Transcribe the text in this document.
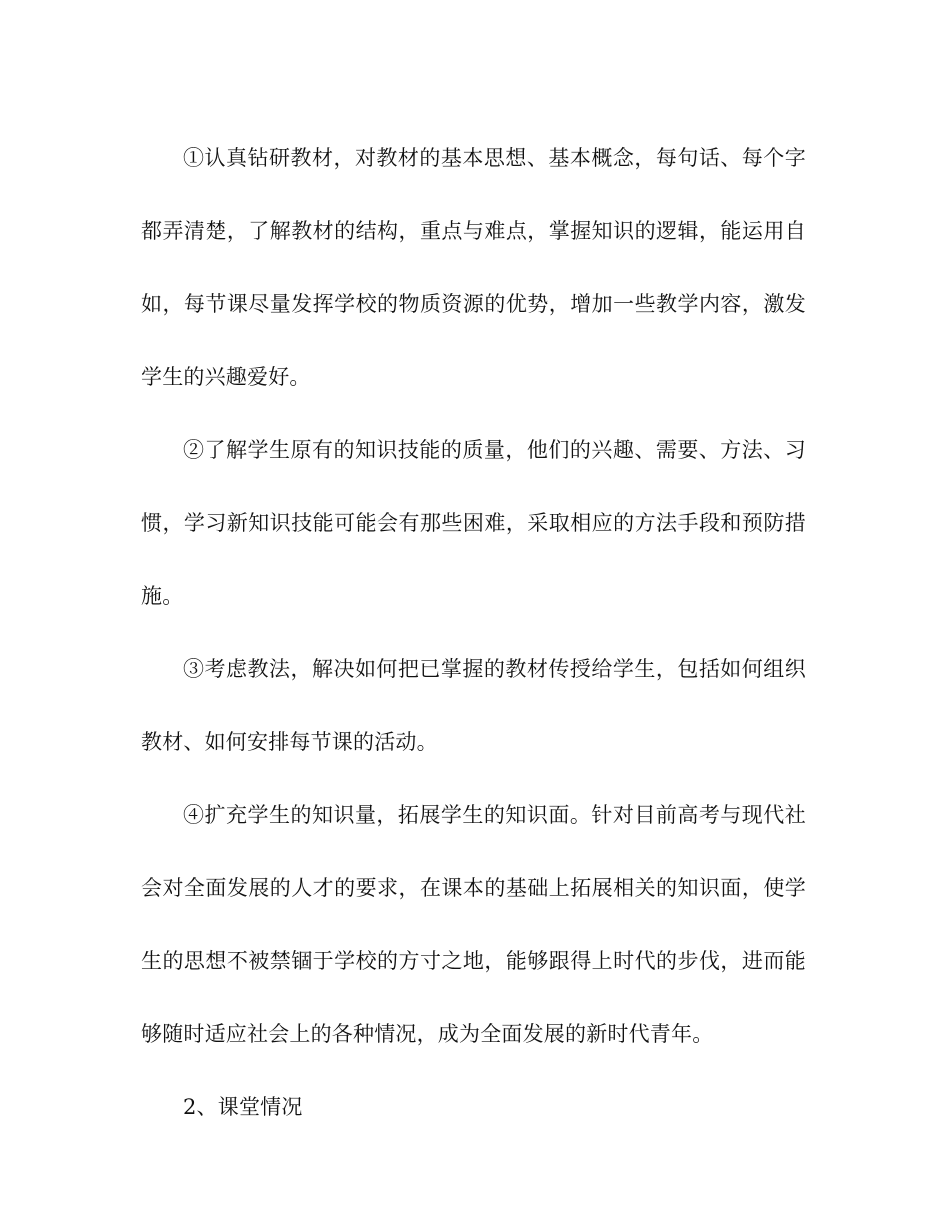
①认真钻研教材，对教材的基本思想、基本概念，每句话、每个字都弄清楚，了解教材的结构，重点与难点，掌握知识的逻辑，能运用自如，每节课尽量发挥学校的物质资源的优势，增加一些教学内容，激发学生的兴趣爱好。

②了解学生原有的知识技能的质量，他们的兴趣、需要、方法、习惯，学习新知识技能可能会有那些困难，采取相应的方法手段和预防措施。

③考虑教法，解决如何把已掌握的教材传授给学生，包括如何组织教材、如何安排每节课的活动。

④扩充学生的知识量，拓展学生的知识面。针对目前高考与现代社会对全面发展的人才的要求，在课本的基础上拓展相关的知识面，使学生的思想不被禁锢于学校的方寸之地，能够跟得上时代的步伐，进而能够随时适应社会上的各种情况，成为全面发展的新时代青年。

2、课堂情况
